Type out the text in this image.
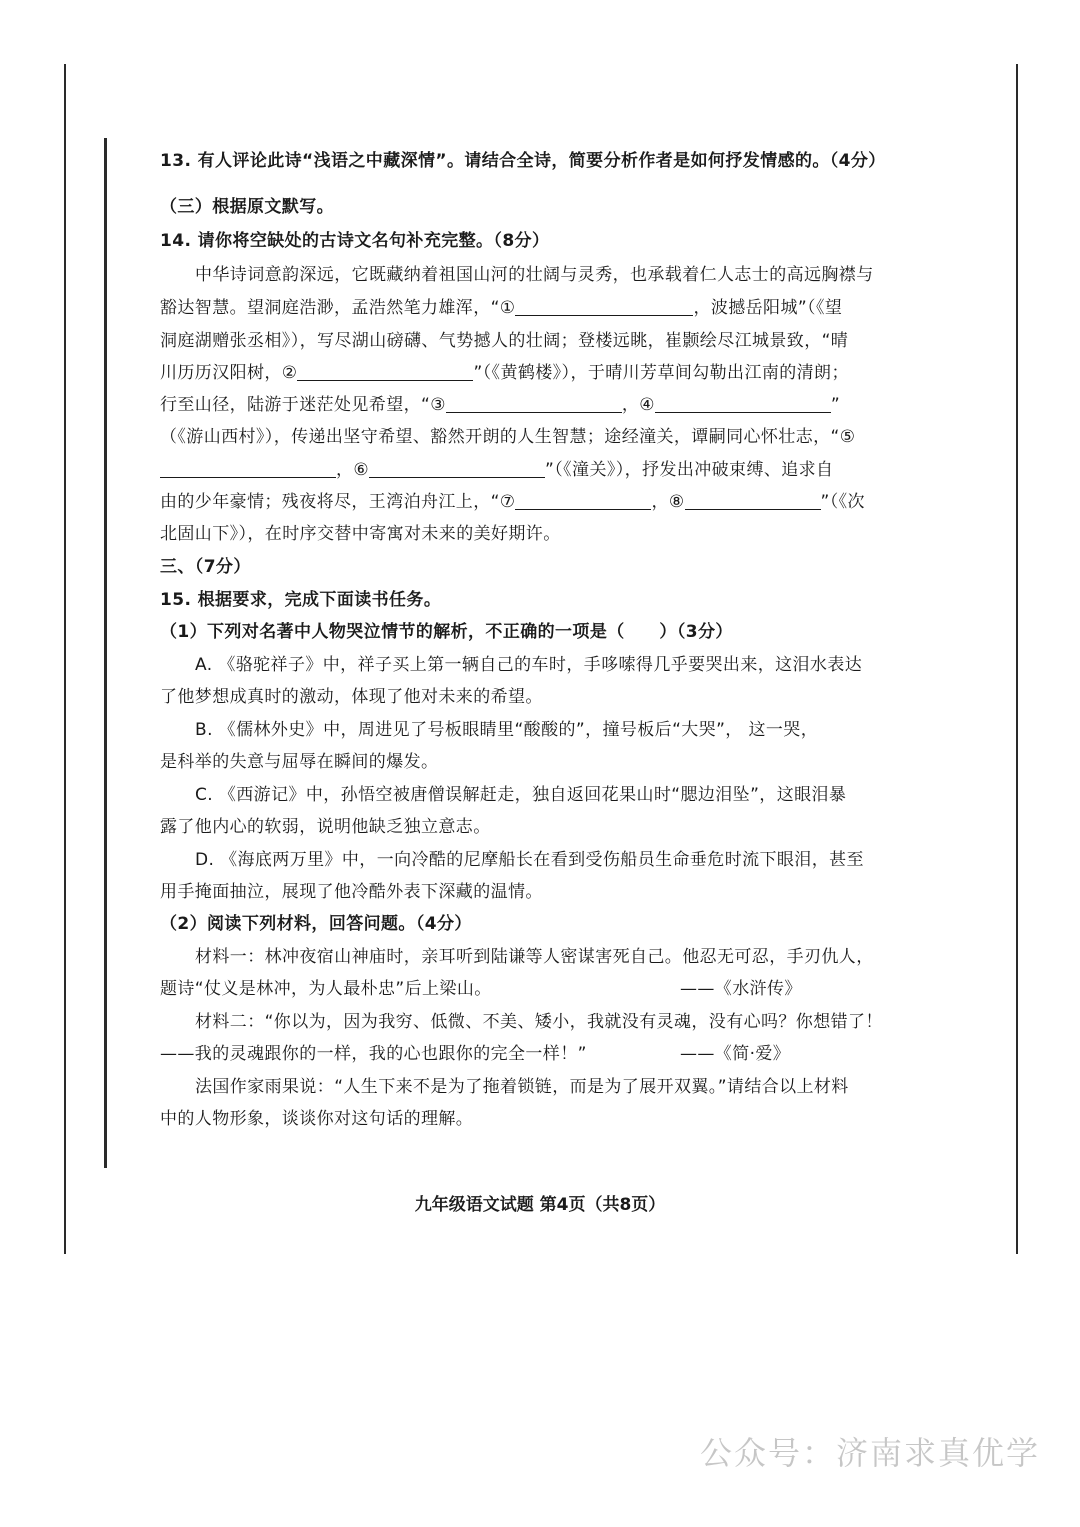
13. 有人评论此诗“浅语之中藏深情”。请结合全诗，简要分析作者是如何抒发情感的。（4分）
（三）根据原文默写。
14. 请你将空缺处的古诗文名句补充完整。（8分）
中华诗词意韵深远，它既藏纳着祖国山河的壮阔与灵秀，也承载着仁人志士的高远胸襟与
豁达智慧。望洞庭浩渺，孟浩然笔力雄浑，“①	，波撼岳阳城”（《望
洞庭湖赠张丞相》），写尽湖山磅礴、气势撼人的壮阔；登楼远眺，崔颢绘尽江城景致，“晴
川历历汉阳树，②	”（《黄鹤楼》），于晴川芳草间勾勒出江南的清朗；
行至山径，陆游于迷茫处见希望，“③	，④	”
（《游山西村》），传递出坚守希望、豁然开朗的人生智慧；途经潼关，谭嗣同心怀壮志，“⑤
，⑥	”（《潼关》），抒发出冲破束缚、追求自
由的少年豪情；残夜将尽，王湾泊舟江上，“⑦	，⑧	”（《次
北固山下》），在时序交替中寄寓对未来的美好期许。
三、（7分）
15. 根据要求，完成下面读书任务。
（1）下列对名著中人物哭泣情节的解析，不正确的一项是（　　）（3分）
A. 《骆驼祥子》中，祥子买上第一辆自己的车时，手哆嗦得几乎要哭出来，这泪水表达
了他梦想成真时的激动，体现了他对未来的希望。
B. 《儒林外史》中，周进见了号板眼睛里“酸酸的”，撞号板后“大哭”， 这一哭，
是科举的失意与屈辱在瞬间的爆发。
C. 《西游记》中，孙悟空被唐僧误解赶走，独自返回花果山时“腮边泪坠”，这眼泪暴
露了他内心的软弱，说明他缺乏独立意志。
D. 《海底两万里》中，一向冷酷的尼摩船长在看到受伤船员生命垂危时流下眼泪，甚至
用手掩面抽泣，展现了他冷酷外表下深藏的温情。
（2）阅读下列材料，回答问题。（4分）
材料一：林冲夜宿山神庙时，亲耳听到陆谦等人密谋害死自己。他忍无可忍，手刃仇人，
题诗“仗义是林冲，为人最朴忠”后上梁山。	——《水浒传》
材料二：“你以为，因为我穷、低微、不美、矮小，我就没有灵魂，没有心吗？你想错了！
——我的灵魂跟你的一样，我的心也跟你的完全一样！”	——《简·爱》
法国作家雨果说：“人生下来不是为了拖着锁链，而是为了展开双翼。”请结合以上材料
中的人物形象，谈谈你对这句话的理解。
九年级语文试题 第4页（共8页）
公众号：济南求真优学
